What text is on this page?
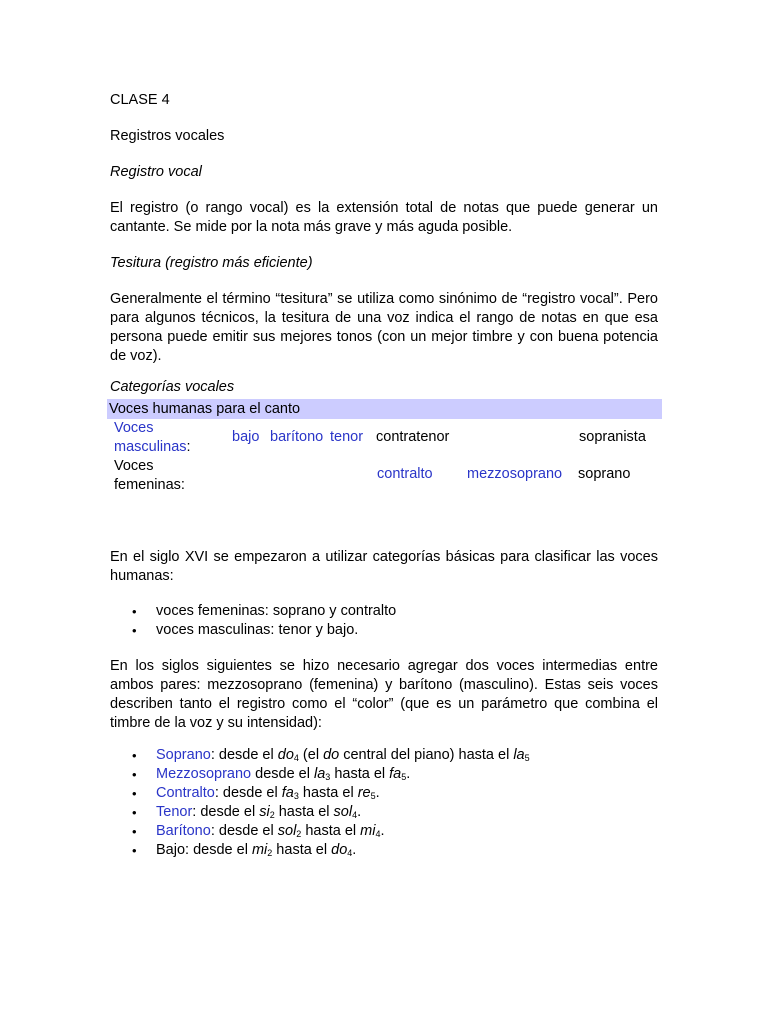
CLASE 4

Registros vocales

Registro vocal

El registro (o rango vocal) es la extensión total de notas que puede generar un cantante. Se mide por la nota más grave y más aguda posible.

Tesitura (registro más eficiente)

Generalmente el término “tesitura” se utiliza como sinónimo de “registro vocal”. Pero para algunos técnicos, la tesitura de una voz indica el rango de notas en que esa persona puede emitir sus mejores tonos (con un mejor timbre y con buena potencia de voz).

Categorías vocales

Voces humanas para el canto
Voces masculinas:
bajo barítono tenor contratenor	sopranista
Voces femeninas:
contralto mezzosoprano soprano

En el siglo XVI se empezaron a utilizar categorías básicas para clasificar las voces humanas:

• voces femeninas: soprano y contralto
• voces masculinas: tenor y bajo.

En los siglos siguientes se hizo necesario agregar dos voces intermedias entre ambos pares: mezzosoprano (femenina) y barítono (masculino). Estas seis voces describen tanto el registro como el “color” (que es un parámetro que combina el timbre de la voz y su intensidad):

• Soprano: desde el $do_4$ (el do central del piano) hasta el $la_5$
• Mezzosoprano desde el $la_3$ hasta el $fa_5$.
• Contralto: desde el $fa_3$ hasta el $re_5$.
• Tenor: desde el $si_2$ hasta el sol$_4$.
• Barítono: desde el sol$_2$ hasta el $mi_4$.
• Bajo: desde el $mi_2$ hasta el $do_4$.
